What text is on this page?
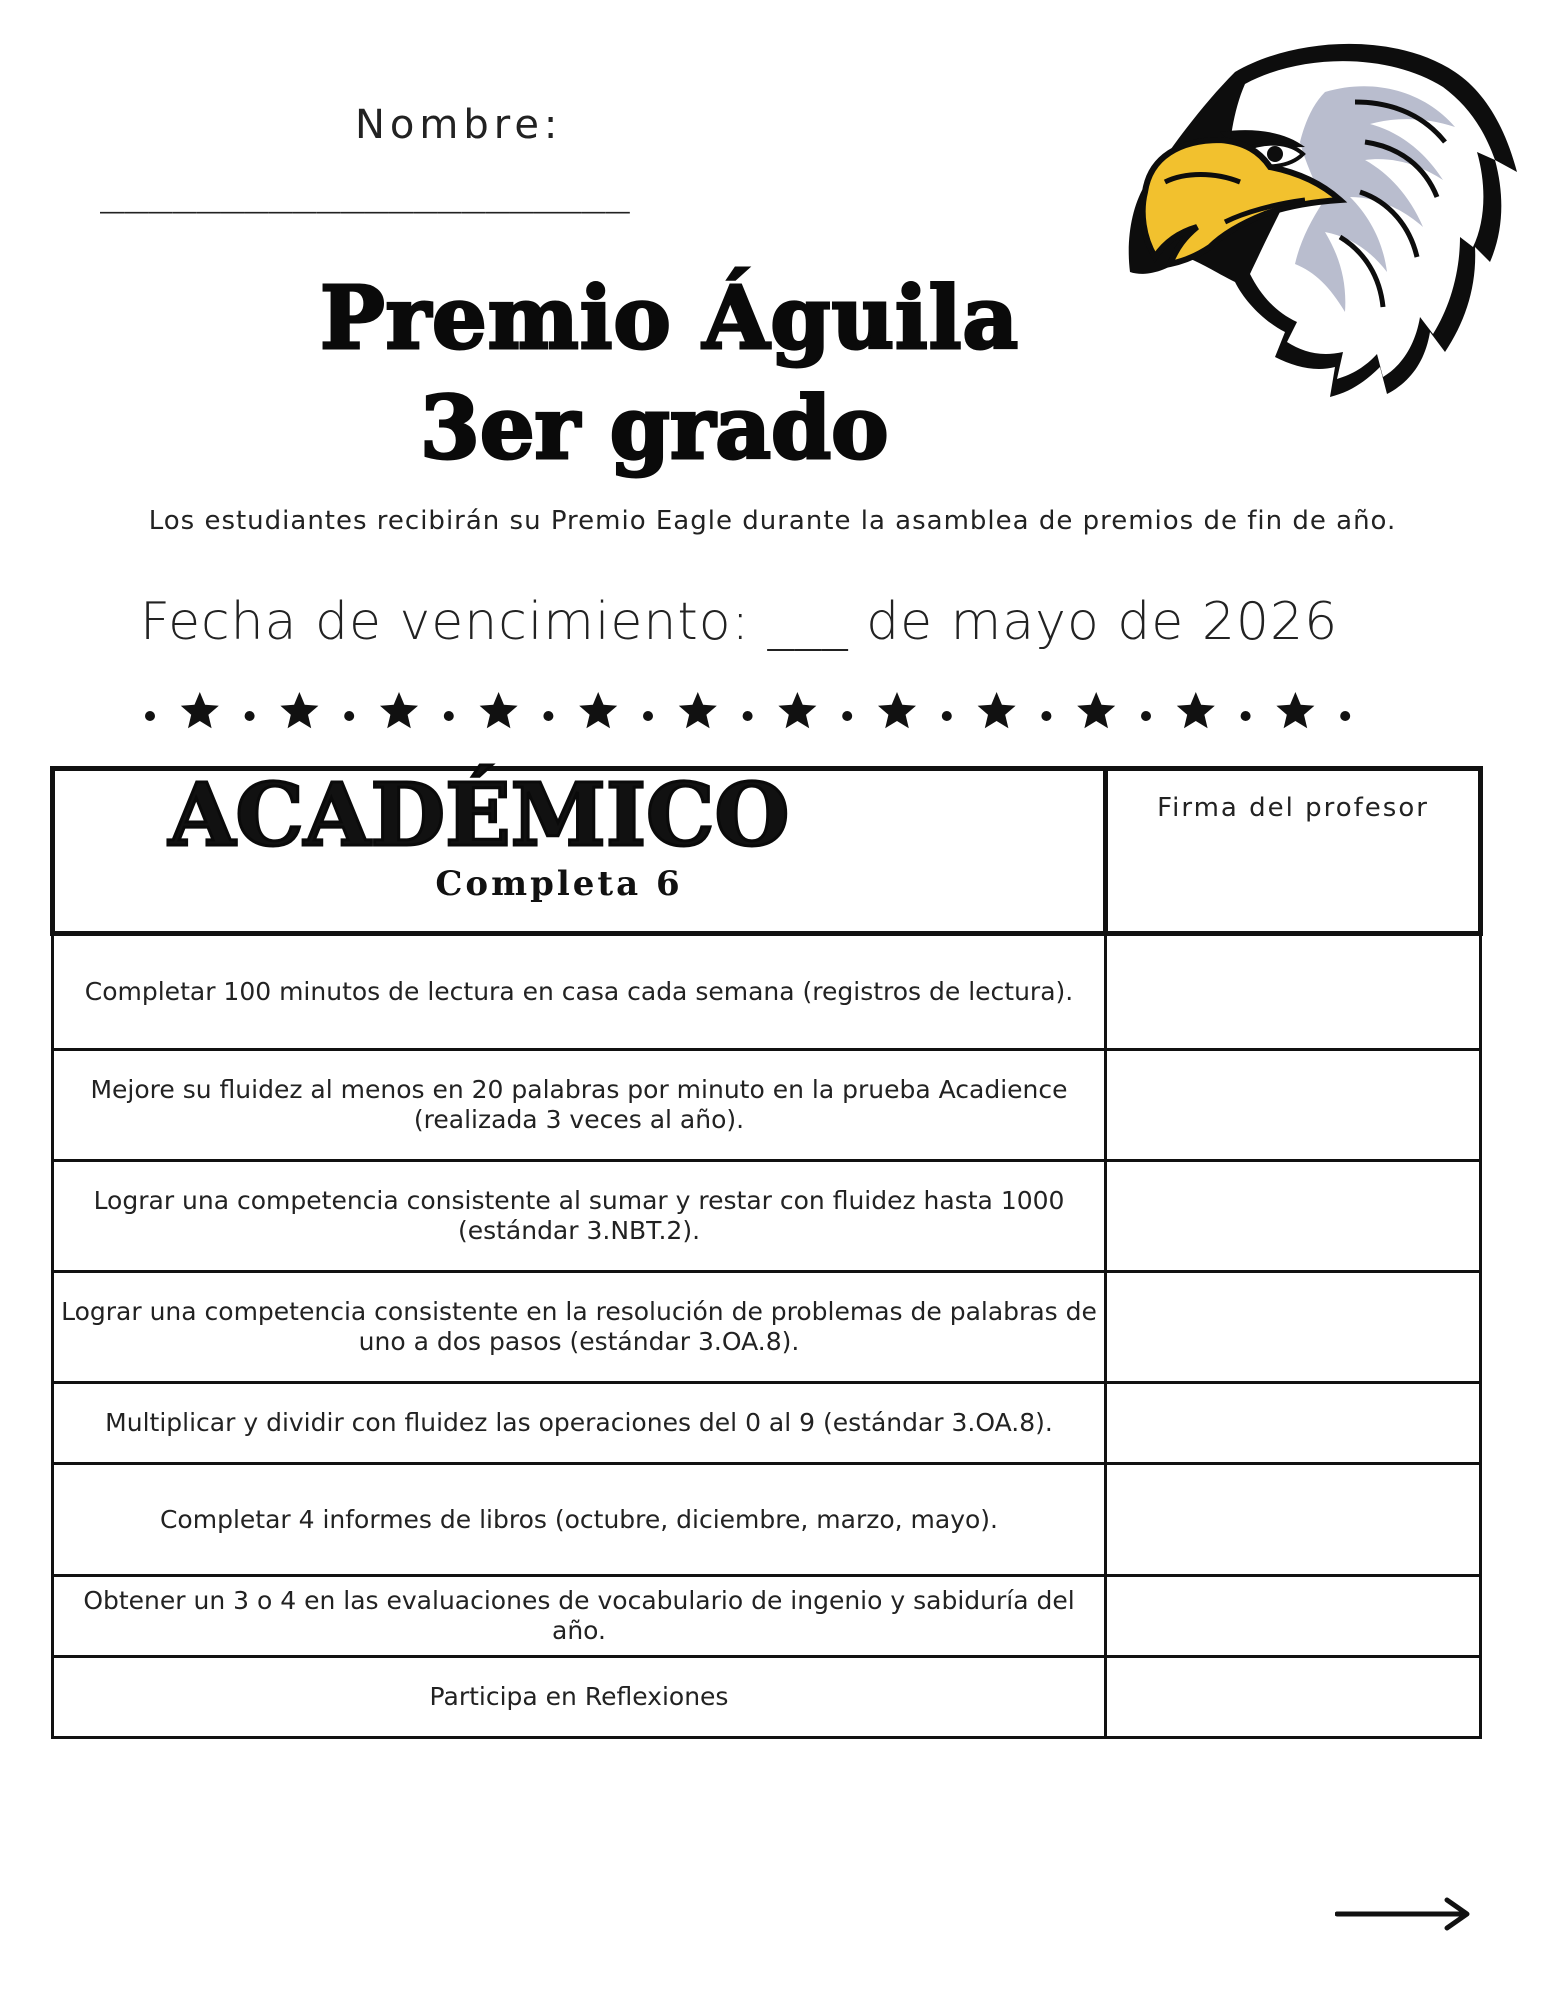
Nombre:
______________________
Premio Águila
3er grado
Los estudiantes recibirán su Premio Eagle durante la asamblea de premios de fin de año.
Fecha de vencimiento: ___ de mayo de 2026
ACADÉMICO
Completa 6	Firma del profesor

Completar 100 minutos de lectura en casa cada semana (registros de lectura).	
Mejore su fluidez al menos en 20 palabras por minuto en la prueba Acadience (realizada 3 veces al año).	
Lograr una competencia consistente al sumar y restar con fluidez hasta 1000 (estándar 3.NBT.2).	
Lograr una competencia consistente en la resolución de problemas de palabras de uno a dos pasos (estándar 3.OA.8).	
Multiplicar y dividir con fluidez las operaciones del 0 al 9 (estándar 3.OA.8).	
Completar 4 informes de libros (octubre, diciembre, marzo, mayo).	
Obtener un 3 o 4 en las evaluaciones de vocabulario de ingenio y sabiduría del año.	
Participa en Reflexiones	
